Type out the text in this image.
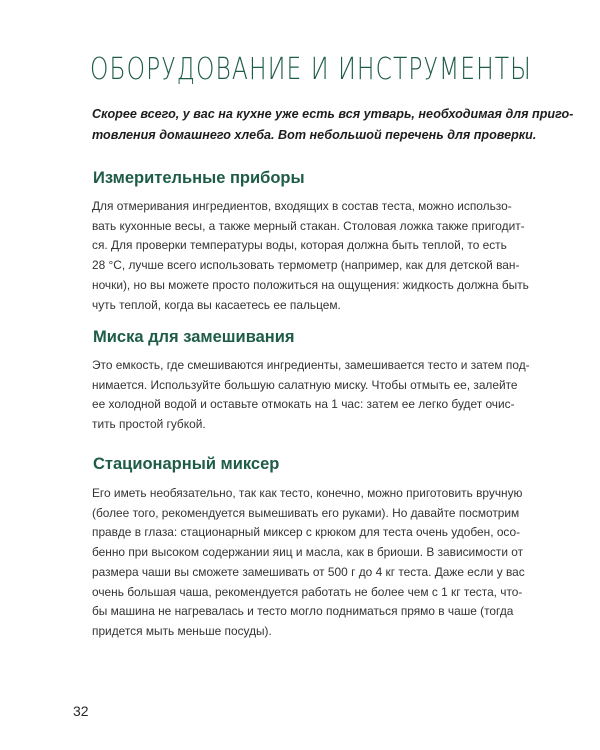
ОБОРУДОВАНИЕ И ИНСТРУМЕНТЫ

Скорее всего, у вас на кухне уже есть вся утварь, необходимая для приго-
товления домашнего хлеба. Вот небольшой перечень для проверки.

Измерительные приборы
Для отмеривания ингредиентов, входящих в состав теста, можно использо-
вать кухонные весы, а также мерный стакан. Столовая ложка также пригодит-
ся. Для проверки температуры воды, которая должна быть теплой, то есть
28 °C, лучше всего использовать термометр (например, как для детской ван-
ночки), но вы можете просто положиться на ощущения: жидкость должна быть
чуть теплой, когда вы касаетесь ее пальцем.
Миска для замешивания
Это емкость, где смешиваются ингредиенты, замешивается тесто и затем под-
нимается. Используйте большую салатную миску. Чтобы отмыть ее, залейте
ее холодной водой и оставьте отмокать на 1 час: затем ее легко будет очис-
тить простой губкой.
Стационарный миксер
Его иметь необязательно, так как тесто, конечно, можно приготовить вручную
(более того, рекомендуется вымешивать его руками). Но давайте посмотрим
правде в глаза: стационарный миксер с крюком для теста очень удобен, осо-
бенно при высоком содержании яиц и масла, как в бриоши. В зависимости от
размера чаши вы сможете замешивать от 500 г до 4 кг теста. Даже если у вас
очень большая чаша, рекомендуется работать не более чем с 1 кг теста, что-
бы машина не нагревалась и тесто могло подниматься прямо в чаше (тогда
придется мыть меньше посуды).
32
